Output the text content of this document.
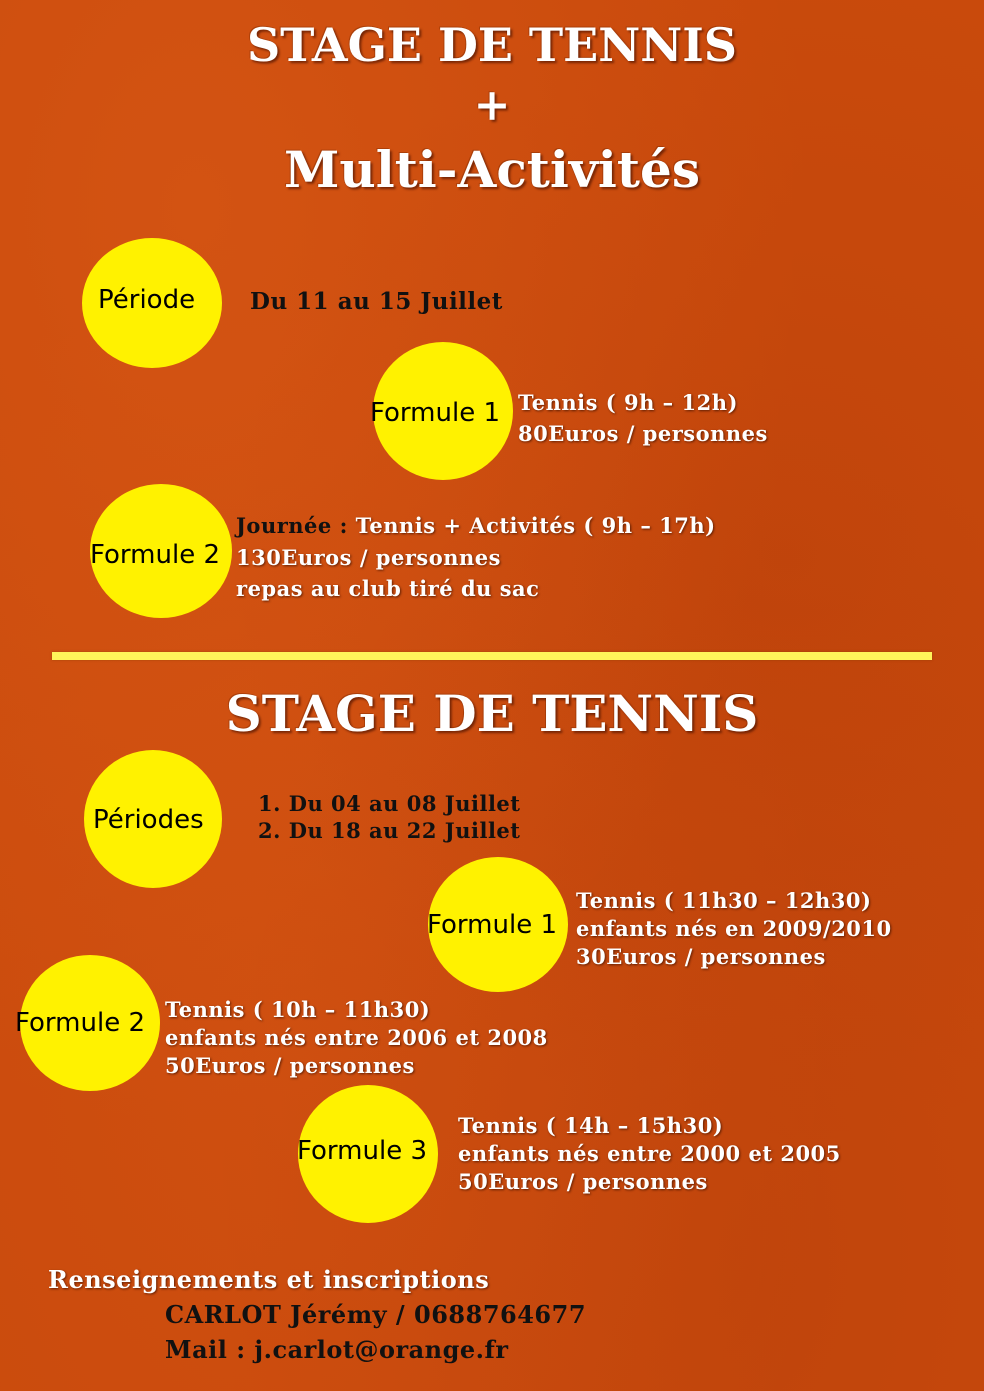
STAGE DE TENNIS
+
Multi-Activités
Période Du 11 au 15 Juillet
Formule 1 Tennis ( 9h – 12h)
80Euros / personnes
Formule 2
Journée : Tennis + Activités ( 9h – 17h)
130Euros / personnes
repas au club tiré du sac
STAGE DE TENNIS
Périodes
1. Du 04 au 08 Juillet
2. Du 18 au 22 Juillet
Formule 1
Tennis ( 11h30 – 12h30)
enfants nés en 2009/2010
30Euros / personnes
Formule 2 Tennis ( 10h – 11h30)
enfants nés entre 2006 et 2008
50Euros / personnes
Formule 3
Tennis ( 14h – 15h30)
enfants nés entre 2000 et 2005
50Euros / personnes
Renseignements et inscriptions
CARLOT Jérémy / 0688764677
Mail : j.carlot@orange.fr
